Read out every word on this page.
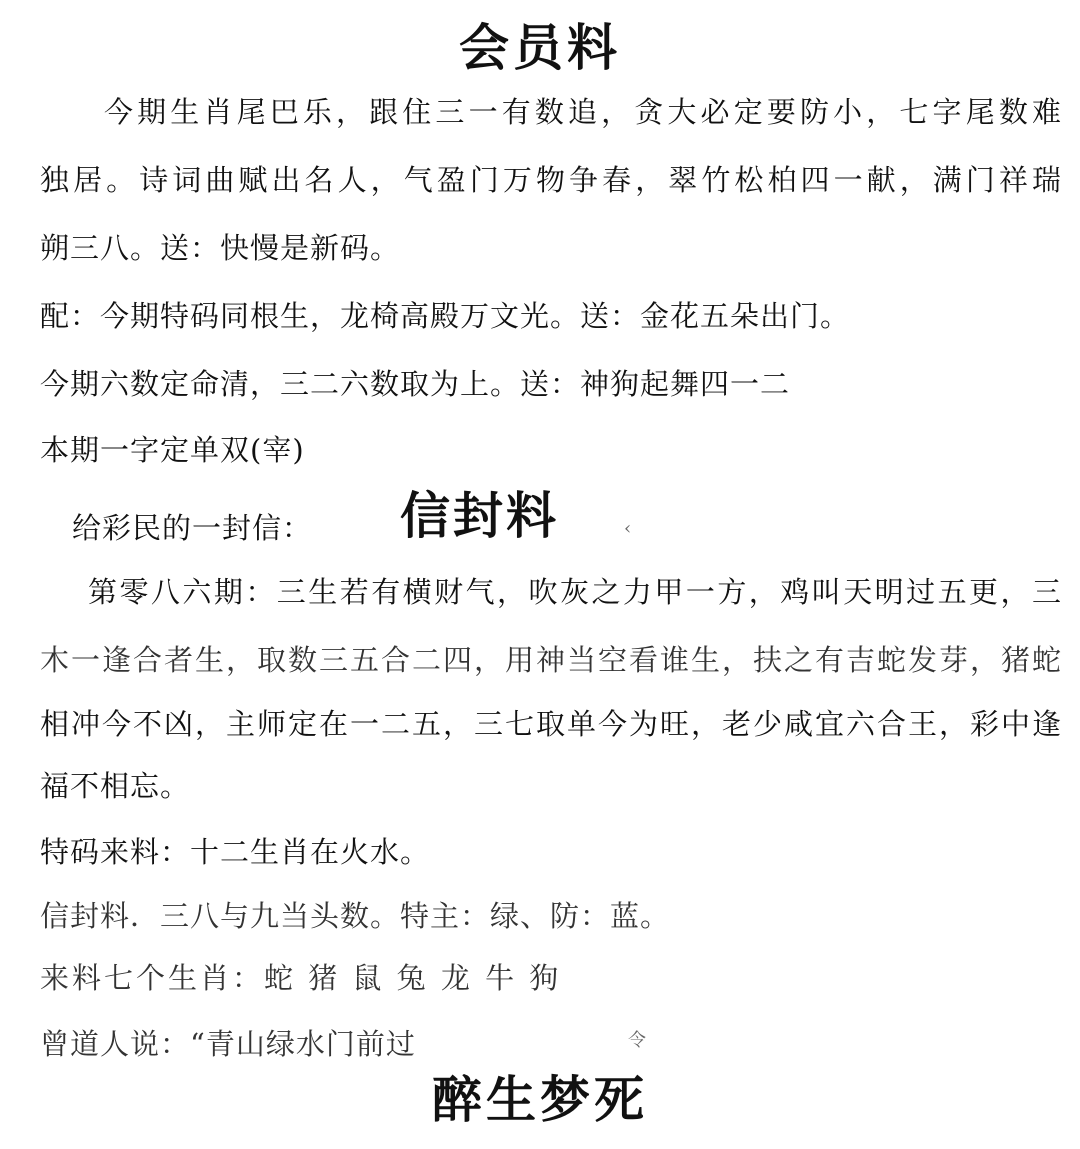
会员料
今期生肖尾巴乐，跟住三一有数追，贪大必定要防小，七字尾数难
独居。诗词曲赋出名人，气盈门万物争春，翠竹松柏四一献，满门祥瑞
朔三八。送：快慢是新码。
配：今期特码同根生，龙椅高殿万文光。送：金花五朵出门。
今期六数定命清，三二六数取为上。送：神狗起舞四一二
本期一字定单双(宰)
给彩民的一封信：	信封料	‹
第零八六期：三生若有横财气，吹灰之力甲一方，鸡叫天明过五更，三
木一逢合者生，取数三五合二四，用神当空看谁生，扶之有吉蛇发芽，猪蛇
相冲今不凶，主师定在一二五，三七取单今为旺，老少咸宜六合王，彩中逢
福不相忘。
特码来料：十二生肖在火水。
信封料．三八与九当头数。特主：绿、防：蓝。
来料七个生肖：蛇 猪 鼠 兔 龙 牛 狗
曾道人说：“青山绿水门前过	令
醉生梦死
